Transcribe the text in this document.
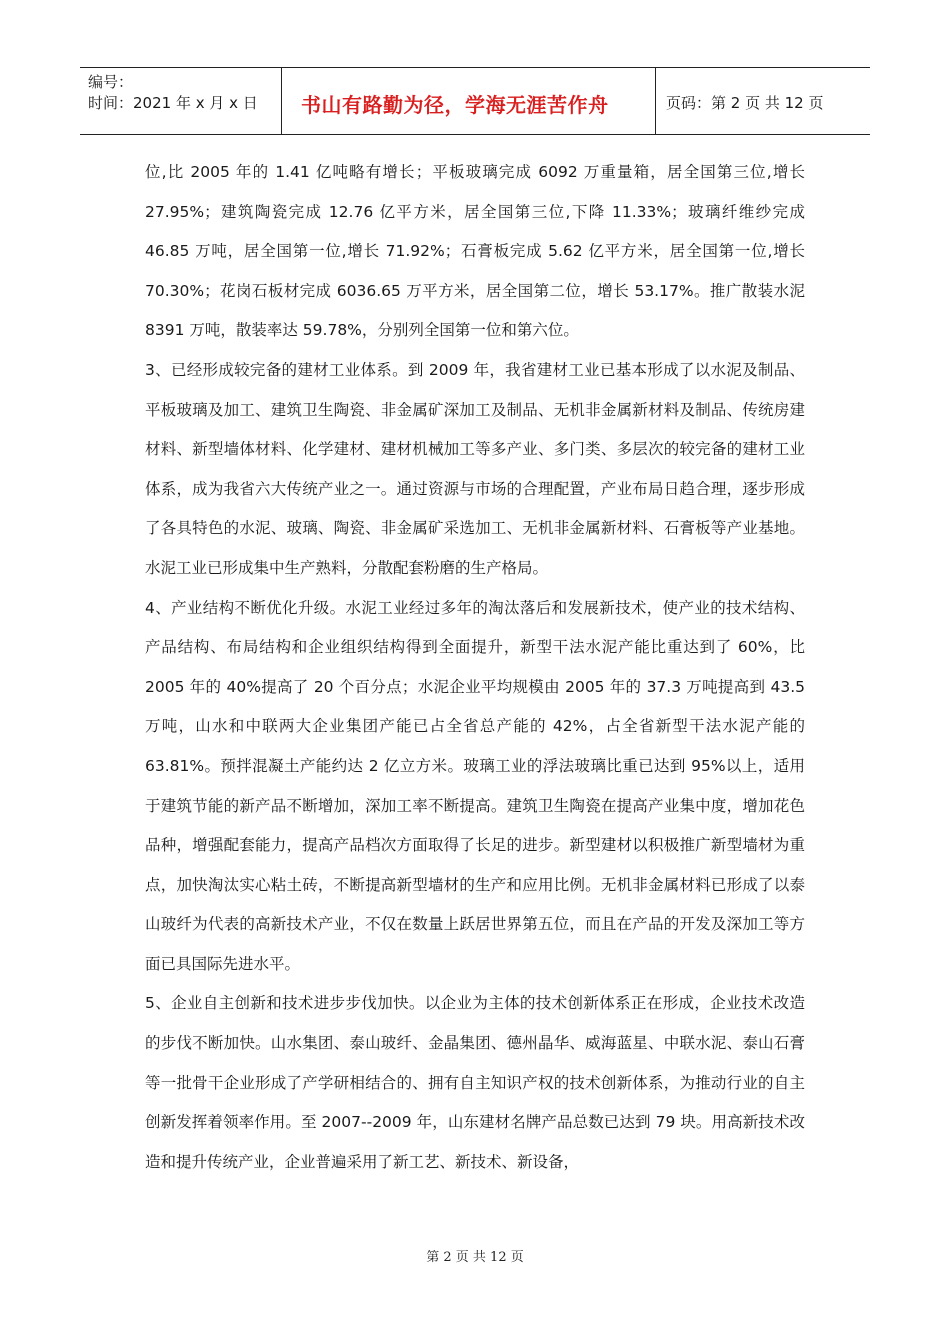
编号：
时间：2021 年 x 月 x 日	书山有路勤为径，学海无涯苦作舟	页码：第 2 页 共 12 页

位,比 2005 年的 1.41 亿吨略有增长；平板玻璃完成 6092 万重量箱，居全国第三位,增长 27.95%；建筑陶瓷完成 12.76 亿平方米，居全国第三位,下降 11.33%；玻璃纤维纱完成 46.85 万吨，居全国第一位,增长 71.92%；石膏板完成 5.62 亿平方米，居全国第一位,增长 70.30%；花岗石板材完成 6036.65 万平方米，居全国第二位，增长 53.17%。推广散装水泥 8391 万吨，散装率达 59.78%，分别列全国第一位和第六位。

3、已经形成较完备的建材工业体系。到 2009 年，我省建材工业已基本形成了以水泥及制品、平板玻璃及加工、建筑卫生陶瓷、非金属矿深加工及制品、无机非金属新材料及制品、传统房建材料、新型墙体材料、化学建材、建材机械加工等多产业、多门类、多层次的较完备的建材工业体系，成为我省六大传统产业之一。通过资源与市场的合理配置，产业布局日趋合理，逐步形成了各具特色的水泥、玻璃、陶瓷、非金属矿采选加工、无机非金属新材料、石膏板等产业基地。水泥工业已形成集中生产熟料，分散配套粉磨的生产格局。

4、产业结构不断优化升级。水泥工业经过多年的淘汰落后和发展新技术，使产业的技术结构、产品结构、布局结构和企业组织结构得到全面提升，新型干法水泥产能比重达到了 60%，比 2005 年的 40%提高了 20 个百分点；水泥企业平均规模由 2005 年的 37.3 万吨提高到 43.5 万吨，山水和中联两大企业集团产能已占全省总产能的 42%，占全省新型干法水泥产能的 63.81%。预拌混凝土产能约达 2 亿立方米。玻璃工业的浮法玻璃比重已达到 95%以上，适用于建筑节能的新产品不断增加，深加工率不断提高。建筑卫生陶瓷在提高产业集中度，增加花色品种，增强配套能力，提高产品档次方面取得了长足的进步。新型建材以积极推广新型墙材为重点，加快淘汰实心粘土砖，不断提高新型墙材的生产和应用比例。无机非金属材料已形成了以泰山玻纤为代表的高新技术产业，不仅在数量上跃居世界第五位，而且在产品的开发及深加工等方面已具国际先进水平。

5、企业自主创新和技术进步步伐加快。以企业为主体的技术创新体系正在形成，企业技术改造的步伐不断加快。山水集团、泰山玻纤、金晶集团、德州晶华、威海蓝星、中联水泥、泰山石膏等一批骨干企业形成了产学研相结合的、拥有自主知识产权的技术创新体系，为推动行业的自主创新发挥着领率作用。至 2007--2009 年，山东建材名牌产品总数已达到 79 块。用高新技术改造和提升传统产业，企业普遍采用了新工艺、新技术、新设备，

第 2 页 共 12 页
